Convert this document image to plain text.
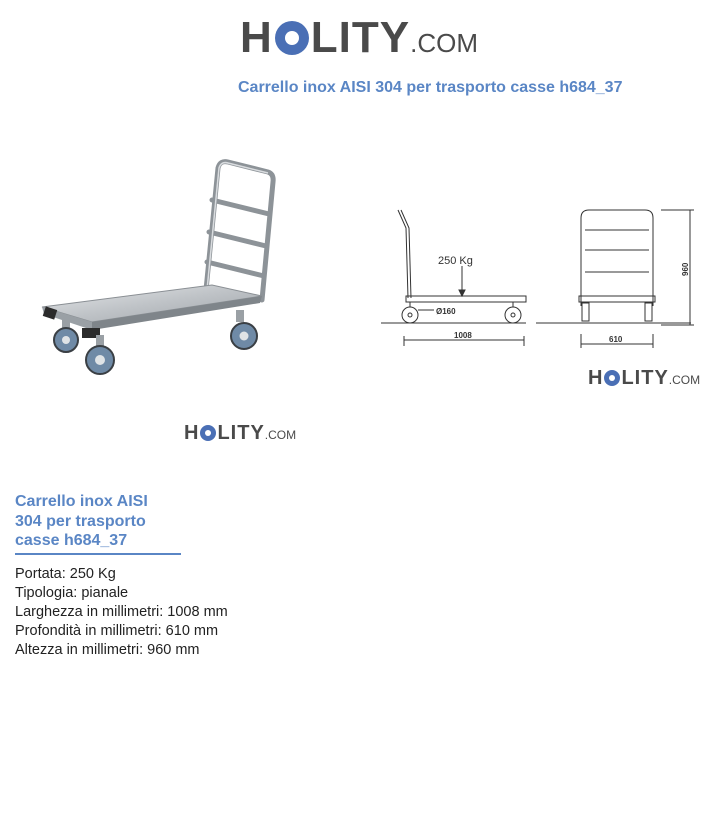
H LITY .COM
Carrello inox AISI 304 per trasporto casse h684_37
H LITY .COM
250 Kg
Ø160
1008	610
960
H LITY .COM
Carrello inox AISI 304 per trasporto casse h684_37
Portata: 250 Kg
Tipologia: pianale
Larghezza in millimetri: 1008 mm
Profondità in millimetri: 610 mm
Altezza in millimetri: 960 mm
